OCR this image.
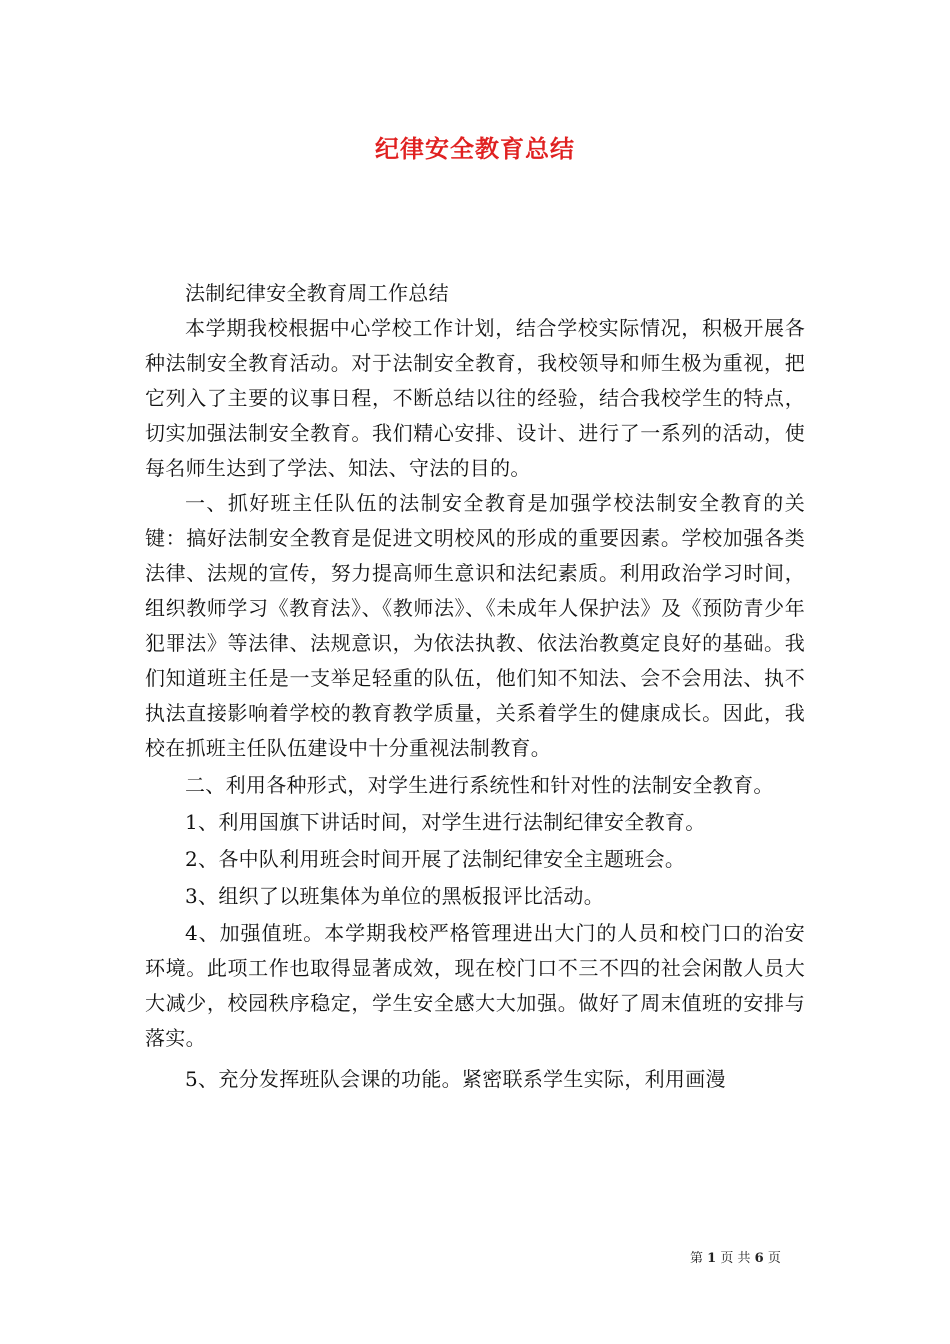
纪律安全教育总结

法制纪律安全教育周工作总结

本学期我校根据中心学校工作计划，结合学校实际情况，积极开展各种法制安全教育活动。对于法制安全教育，我校领导和师生极为重视，把它列入了主要的议事日程，不断总结以往的经验，结合我校学生的特点，切实加强法制安全教育。我们精心安排、设计、进行了一系列的活动，使每名师生达到了学法、知法、守法的目的。

一、抓好班主任队伍的法制安全教育是加强学校法制安全教育的关键：搞好法制安全教育是促进文明校风的形成的重要因素。学校加强各类法律、法规的宣传，努力提高师生意识和法纪素质。利用政治学习时间，组织教师学习《教育法》、《教师法》、《未成年人保护法》及《预防青少年犯罪法》等法律、法规意识，为依法执教、依法治教奠定良好的基础。我们知道班主任是一支举足轻重的队伍，他们知不知法、会不会用法、执不执法直接影响着学校的教育教学质量，关系着学生的健康成长。因此，我校在抓班主任队伍建设中十分重视法制教育。

二、利用各种形式，对学生进行系统性和针对性的法制安全教育。

1、利用国旗下讲话时间，对学生进行法制纪律安全教育。

2、各中队利用班会时间开展了法制纪律安全主题班会。

3、组织了以班集体为单位的黑板报评比活动。

4、加强值班。本学期我校严格管理进出大门的人员和校门口的治安环境。此项工作也取得显著成效，现在校门口不三不四的社会闲散人员大大减少，校园秩序稳定，学生安全感大大加强。做好了周末值班的安排与落实。

5、充分发挥班队会课的功能。紧密联系学生实际，利用画漫

第 1 页 共 6 页
